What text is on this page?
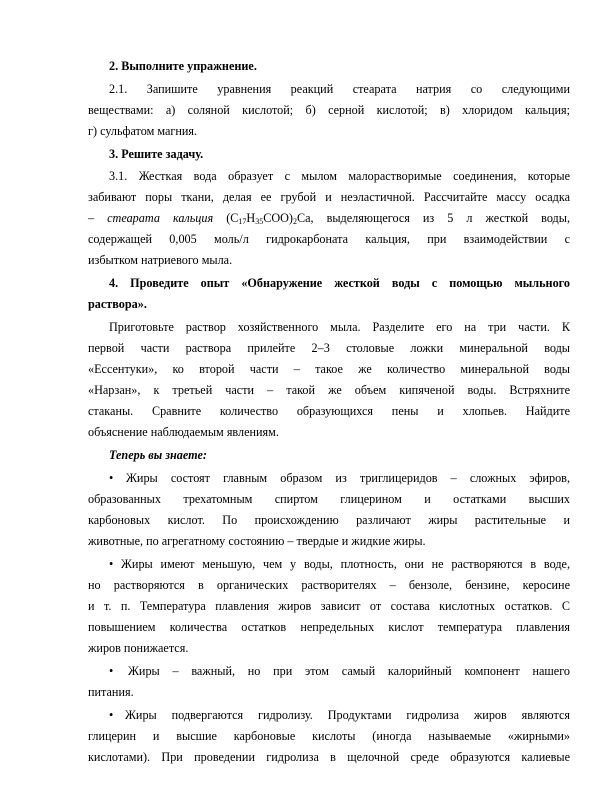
2. Выполните упражнение.
2.1. Запишите уравнения реакций стеарата натрия со следующими
веществами: а) соляной кислотой; б) серной кислотой; в) хлоридом кальция;
г) сульфатом магния.
3. Решите задачу.
3.1. Жесткая вода образует с мылом малорастворимые соединения, которые
забивают поры ткани, делая ее грубой и неэластичной. Рассчитайте массу осадка
– стеарата кальция $(C_{17}H_{35}COO)_2Ca$, выделяющегося из 5 л жесткой воды,
содержащей 0,005 моль/л гидрокарбоната кальция, при взаимодействии с
избытком натриевого мыла.
4. Проведите опыт «Обнаружение жесткой воды с помощью мыльного
раствора».
Приготовьте раствор хозяйственного мыла. Разделите его на три части. К
первой части раствора прилейте 2–3 столовые ложки минеральной воды
«Ессентуки», ко второй части – такое же количество минеральной воды
«Нарзан», к третьей части – такой же объем кипяченой воды. Встряхните
стаканы. Сравните количество образующихся пены и хлопьев. Найдите
объяснение наблюдаемым явлениям.
Теперь вы знаете:
•	Жиры состоят главным образом из триглицеридов – сложных эфиров,
образованных трехатомным спиртом глицерином и остатками высших
карбоновых кислот. По происхождению различают жиры растительные и
животные, по агрегатному состоянию – твердые и жидкие жиры.
• Жиры имеют меньшую, чем у воды, плотность, они не растворяются в воде,
но растворяются в органических растворителях – бензоле, бензине, керосине
и т. п. Температура плавления жиров зависит от состава кислотных остатков. С
повышением количества остатков непредельных кислот температура плавления
жиров понижается.
•	Жиры – важный, но при этом самый калорийный компонент нашего
питания.
• Жиры подвергаются гидролизу. Продуктами гидролиза жиров являются
глицерин и высшие карбоновые кислоты (иногда называемые «жирными»
кислотами). При проведении гидролиза в щелочной среде образуются калиевые
